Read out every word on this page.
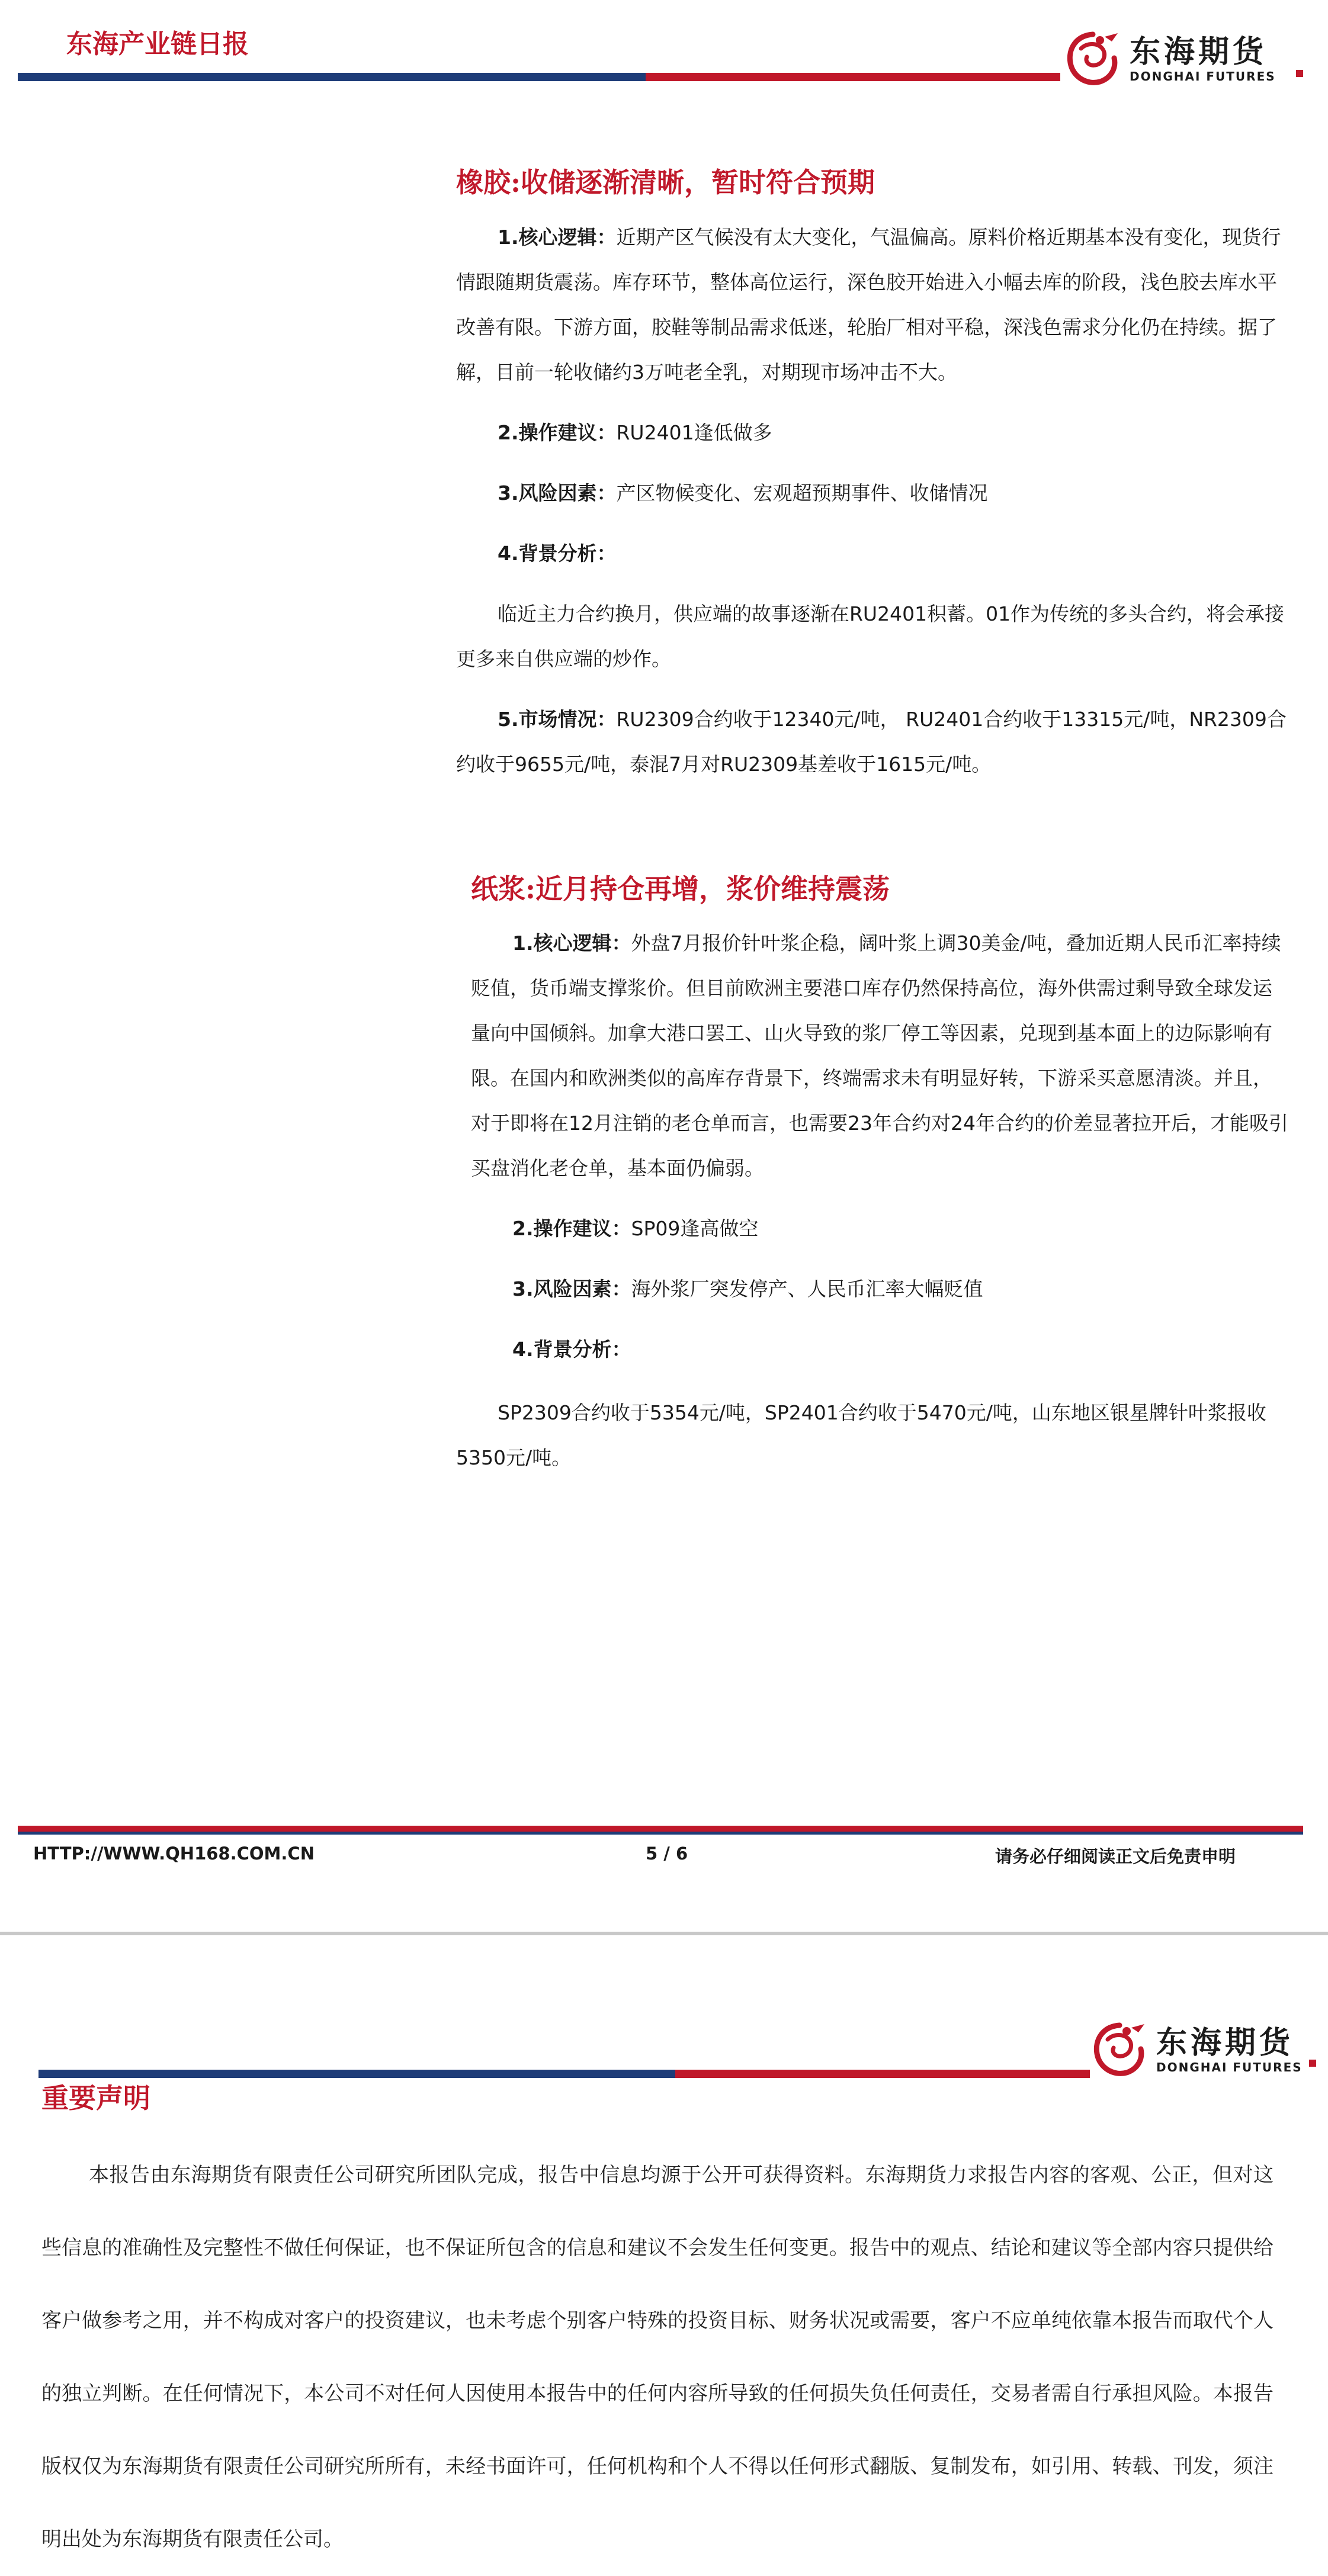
东海产业链日报	东海期货
DONGHAI FUTURES
橡胶:收储逐渐清晰，暂时符合预期

1.核心逻辑：近期产区气候没有太大变化，气温偏高。原料价格近期基本没有变化，现货行情跟随期货震荡。库存环节，整体高位运行，深色胶开始进入小幅去库的阶段，浅色胶去库水平改善有限。下游方面，胶鞋等制品需求低迷，轮胎厂相对平稳，深浅色需求分化仍在持续。据了解，目前一轮收储约3万吨老全乳，对期现市场冲击不大。

2.操作建议：RU2401逢低做多

3.风险因素：产区物候变化、宏观超预期事件、收储情况

4.背景分析：

临近主力合约换月，供应端的故事逐渐在RU2401积蓄。01作为传统的多头合约，将会承接更多来自供应端的炒作。

5.市场情况：RU2309合约收于12340元/吨， RU2401合约收于13315元/吨，NR2309合约收于9655元/吨，泰混7月对RU2309基差收于1615元/吨。

纸浆:近月持仓再增，浆价维持震荡

1.核心逻辑：外盘7月报价针叶浆企稳，阔叶浆上调30美金/吨，叠加近期人民币汇率持续贬值，货币端支撑浆价。但目前欧洲主要港口库存仍然保持高位，海外供需过剩导致全球发运量向中国倾斜。加拿大港口罢工、山火导致的浆厂停工等因素，兑现到基本面上的边际影响有限。在国内和欧洲类似的高库存背景下，终端需求未有明显好转，下游采买意愿清淡。并且，对于即将在12月注销的老仓单而言，也需要23年合约对24年合约的价差显著拉开后，才能吸引买盘消化老仓单，基本面仍偏弱。

2.操作建议：SP09逢高做空

3.风险因素：海外浆厂突发停产、人民币汇率大幅贬值

4.背景分析：

SP2309合约收于5354元/吨，SP2401合约收于5470元/吨，山东地区银星牌针叶浆报收5350元/吨。

HTTP://WWW.QH168.COM.CN	5 / 6	请务必仔细阅读正文后免责申明
东海期货
DONGHAI FUTURES
重要声明

本报告由东海期货有限责任公司研究所团队完成，报告中信息均源于公开可获得资料。东海期货力求报告内容的客观、公正，但对这些信息的准确性及完整性不做任何保证，也不保证所包含的信息和建议不会发生任何变更。报告中的观点、结论和建议等全部内容只提供给客户做参考之用，并不构成对客户的投资建议，也未考虑个别客户特殊的投资目标、财务状况或需要，客户不应单纯依靠本报告而取代个人的独立判断。在任何情况下，本公司不对任何人因使用本报告中的任何内容所导致的任何损失负任何责任，交易者需自行承担风险。本报告版权仅为东海期货有限责任公司研究所所有，未经书面许可，任何机构和个人不得以任何形式翻版、复制发布，如引用、转载、刊发，须注明出处为东海期货有限责任公司。
